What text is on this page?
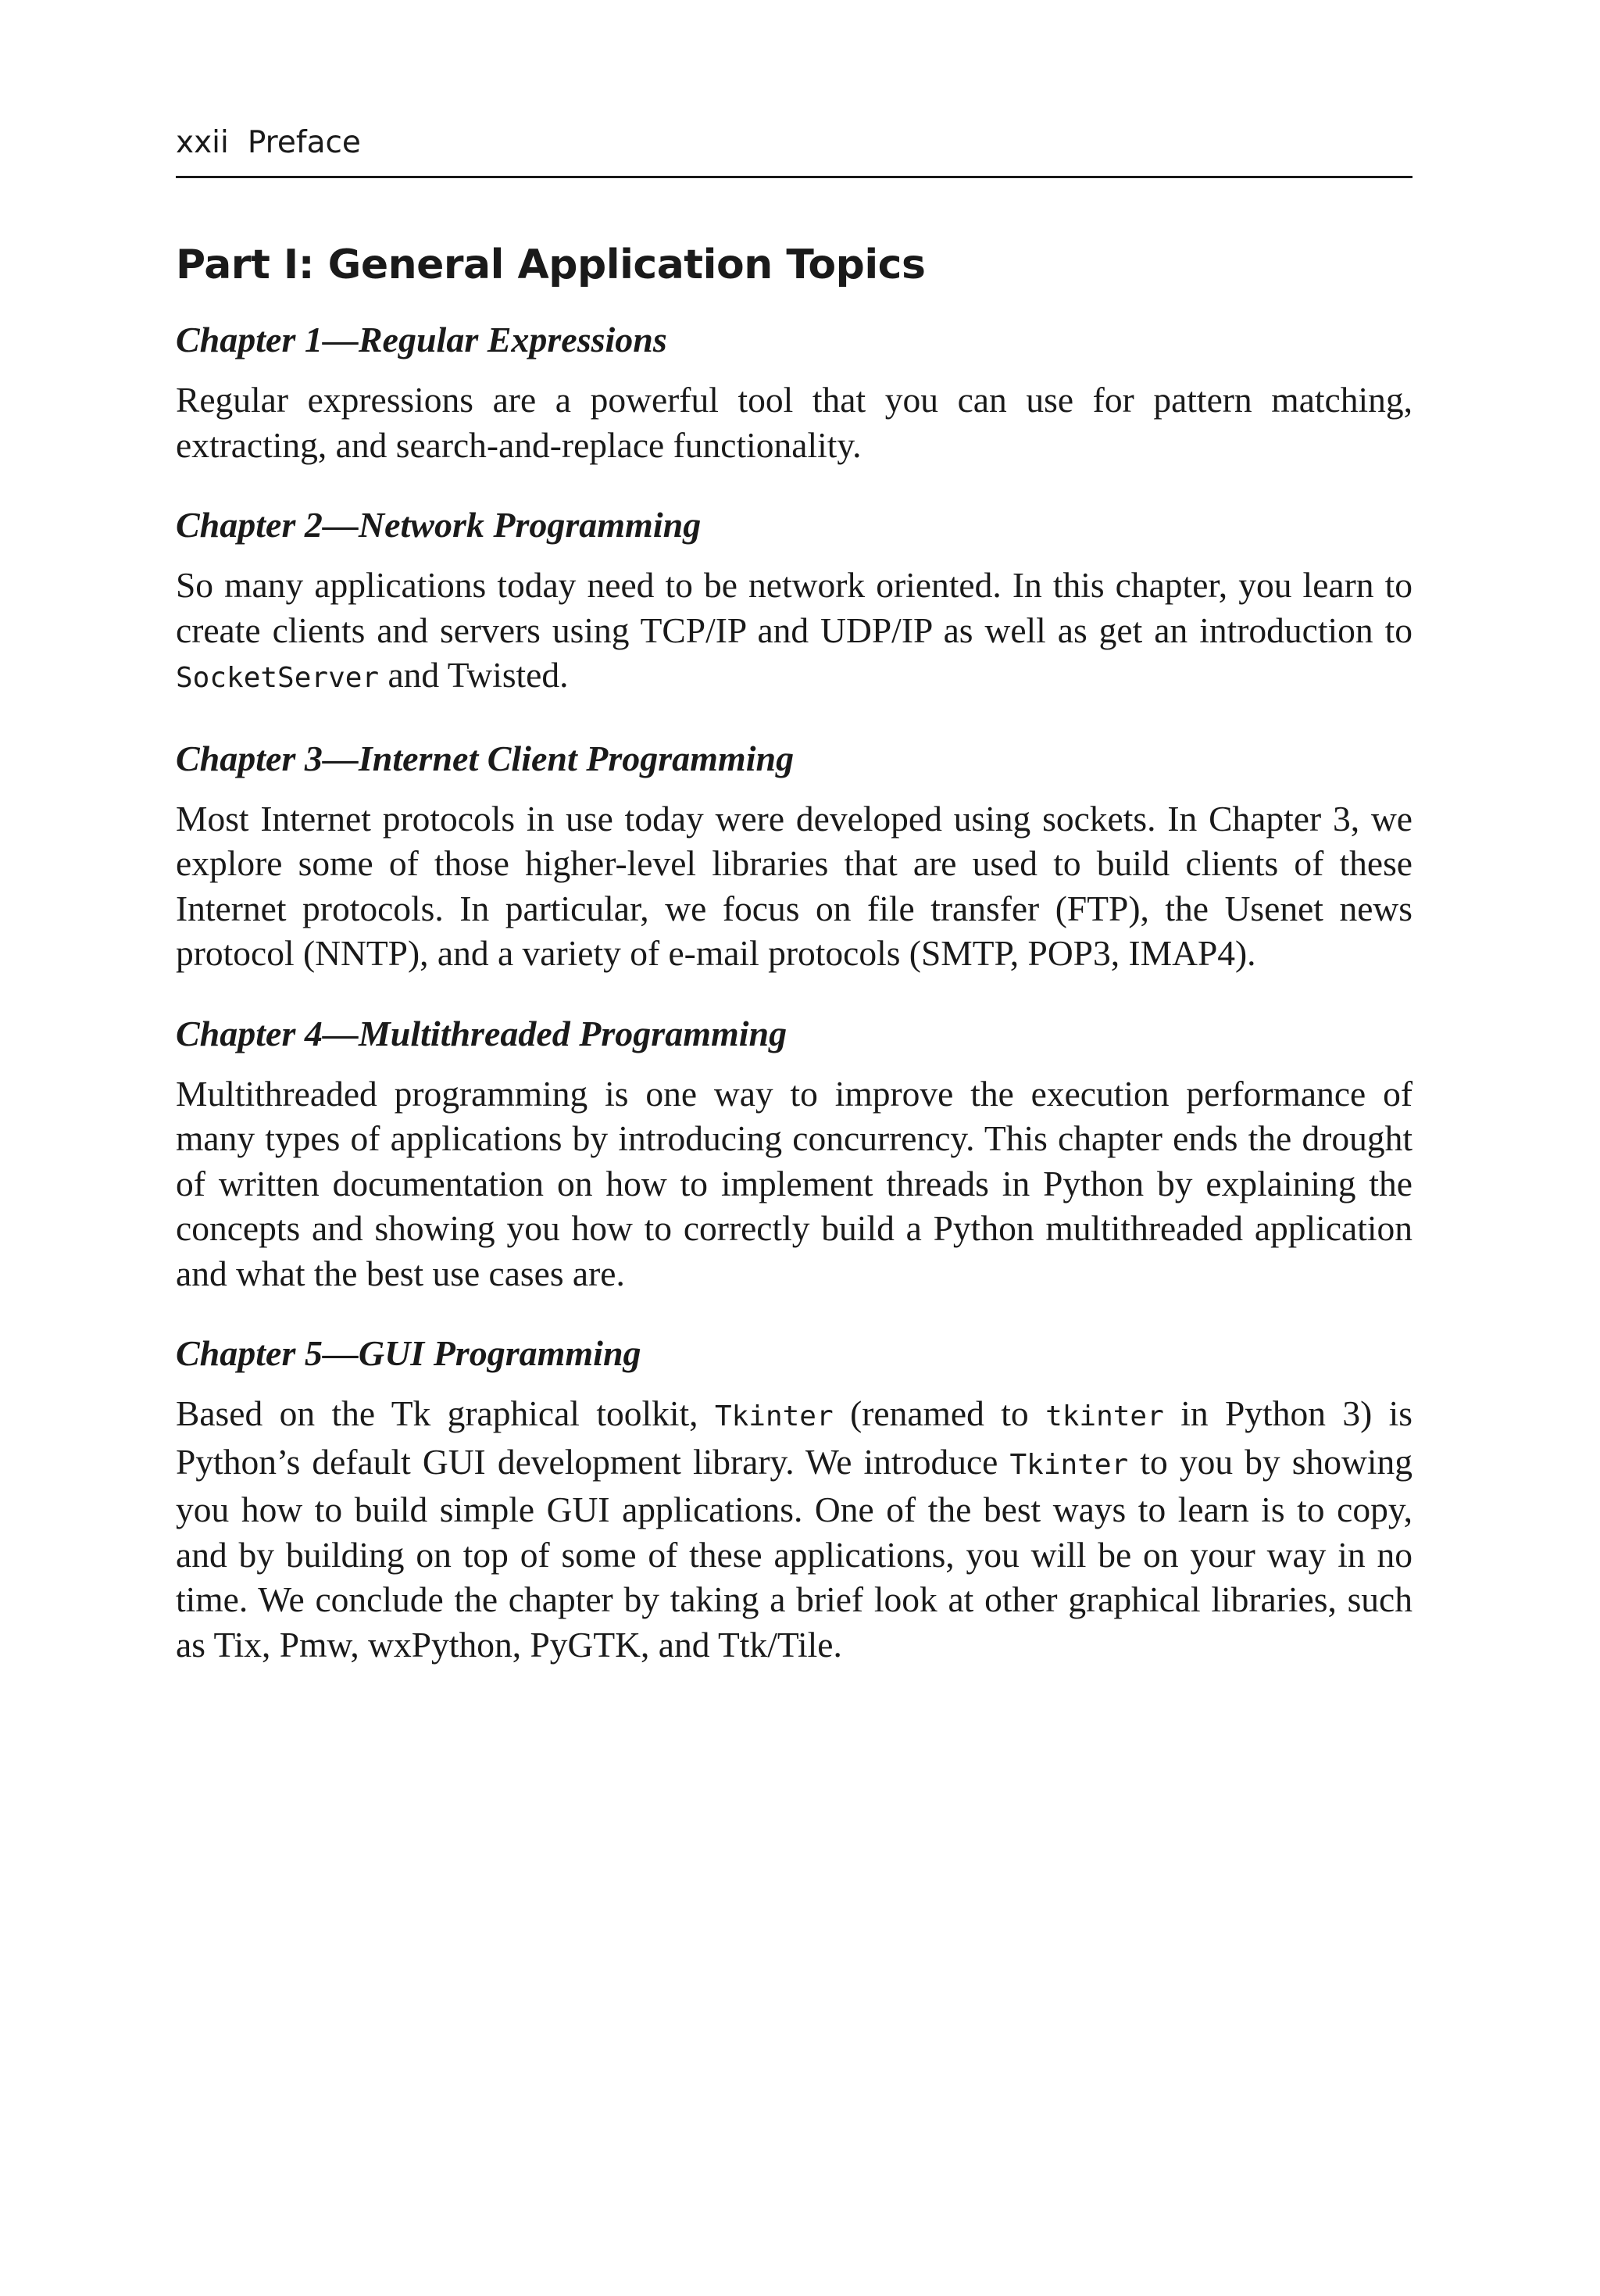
xxii Preface
Part I: General Application Topics
Chapter 1—Regular Expressions

Regular expressions are a powerful tool that you can use for pattern matching, extracting, and search-and-replace functionality.

Chapter 2—Network Programming

So many applications today need to be network oriented. In this chapter, you learn to create clients and servers using TCP/IP and UDP/IP as well as get an introduction to SocketServer and Twisted.

Chapter 3—Internet Client Programming

Most Internet protocols in use today were developed using sockets. In Chapter 3, we explore some of those higher-level libraries that are used to build clients of these Internet protocols. In particular, we focus on file transfer (FTP), the Usenet news protocol (NNTP), and a variety of e-mail protocols (SMTP, POP3, IMAP4).

Chapter 4—Multithreaded Programming

Multithreaded programming is one way to improve the execution performance of many types of applications by introducing concurrency. This chapter ends the drought of written documentation on how to implement threads in Python by explaining the concepts and showing you how to correctly build a Python multithreaded application and what the best use cases are.

Chapter 5—GUI Programming

Based on the Tk graphical toolkit, Tkinter (renamed to tkinter in Python 3) is Python’s default GUI development library. We introduce Tkinter to you by showing you how to build simple GUI applications. One of the best ways to learn is to copy, and by building on top of some of these applications, you will be on your way in no time. We conclude the chapter by taking a brief look at other graphical libraries, such as Tix, Pmw, wxPython, PyGTK, and Ttk/Tile.
